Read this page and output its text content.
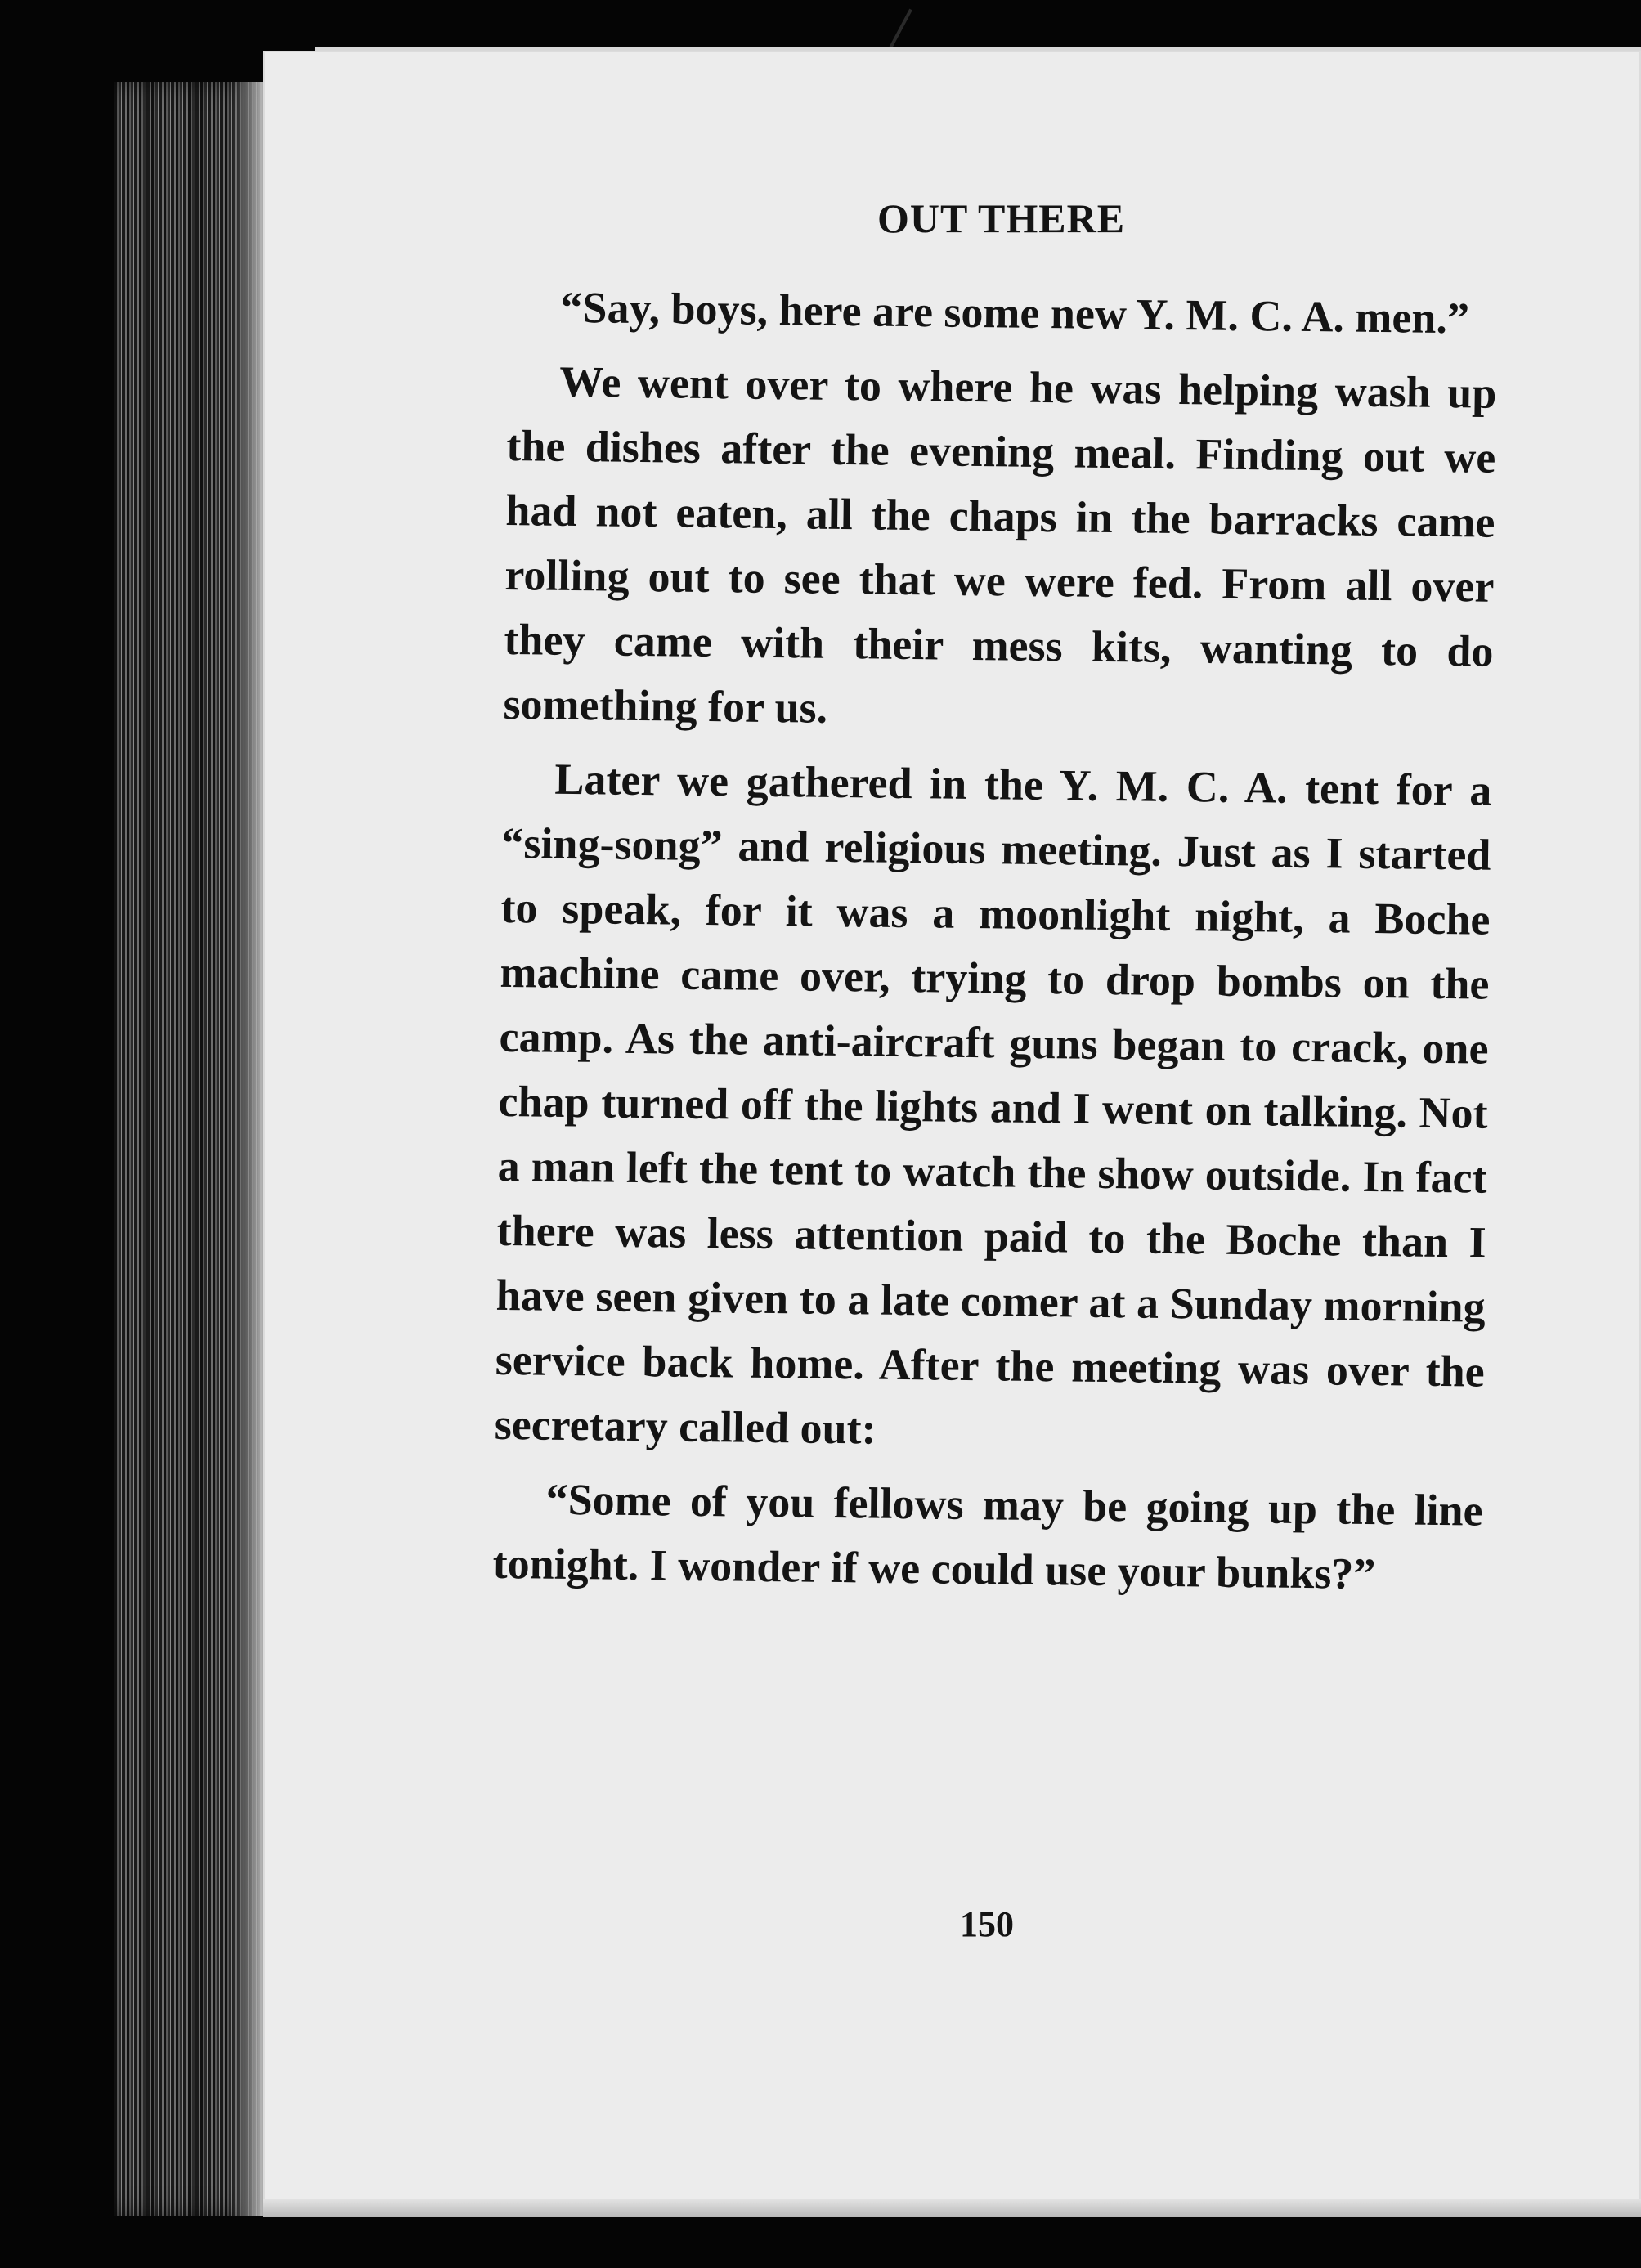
OUT THERE

“Say, boys, here are some new Y. M. C. A. men.”

We went over to where he was helping wash up the dishes after the evening meal. Finding out we had not eaten, all the chaps in the barracks came rolling out to see that we were fed. From all over they came with their mess kits, wanting to do something for us.

Later we gathered in the Y. M. C. A. tent for a “sing-song” and religious meeting. Just as I started to speak, for it was a moonlight night, a Boche machine came over, trying to drop bombs on the camp. As the anti-aircraft guns began to crack, one chap turned off the lights and I went on talking. Not a man left the tent to watch the show outside. In fact there was less attention paid to the Boche than I have seen given to a late comer at a Sunday morning service back home. After the meeting was over the secretary called out:

“Some of you fellows may be going up the line tonight. I wonder if we could use your bunks?”

150
